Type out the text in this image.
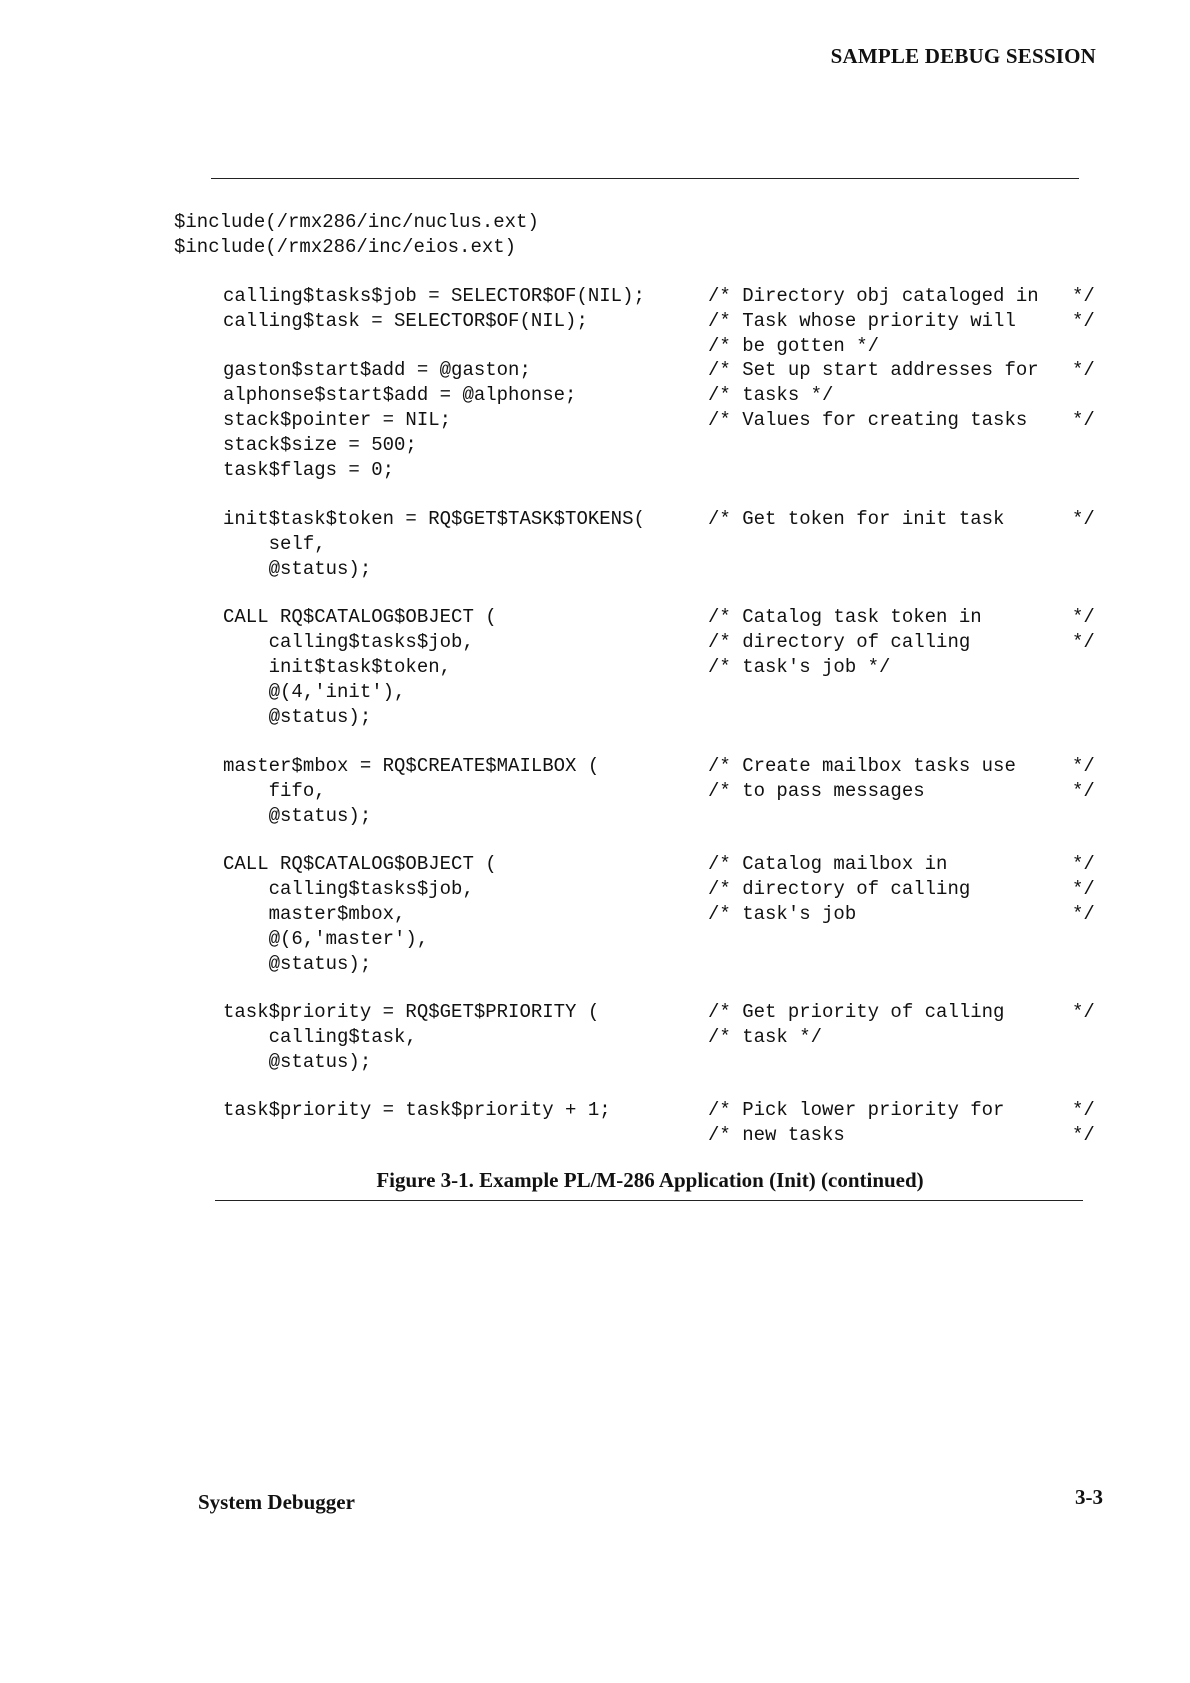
SAMPLE DEBUG SESSION

$include(/rmx286/inc/nuclus.ext)

$include(/rmx286/inc/eios.ext)

calling$tasks$job = SELECTOR$OF(NIL);

calling$task = SELECTOR$OF(NIL);

gaston$start$add = @gaston;

alphonse$start$add = @alphonse;

stack$pointer = NIL;

stack$size = 500;

task$flags = 0;

init$task$token = RQ$GET$TASK$TOKENS(

self,

@status);

CALL RQ$CATALOG$OBJECT (

calling$tasks$job,

init$task$token,

@(4,'init'),

@status);

master$mbox = RQ$CREATE$MAILBOX (

fifo,

@status);

CALL RQ$CATALOG$OBJECT (

calling$tasks$job,

master$mbox,

@(6,'master'),

@status);

task$priority = RQ$GET$PRIORITY (

calling$task,

@status);

task$priority = task$priority + 1;

/* Directory obj cataloged in

/* Task whose priority will

/* be gotten */

/* Set up start addresses for

/* tasks */

/* Values for creating tasks

/* Get token for init task

/* Catalog task token in

/* directory of calling

/* task's job */

/* Create mailbox tasks use

/* to pass messages

/* Catalog mailbox in

/* directory of calling

/* task's job

/* Get priority of calling

/* task */

/* Pick lower priority for

/* new tasks

*/

*/

*/

*/

*/

*/

*/

*/

*/

*/

*/

*/

*/

*/

*/

Figure 3-1. Example PL/M-286 Application (Init) (continued)
System Debugger	3-3
